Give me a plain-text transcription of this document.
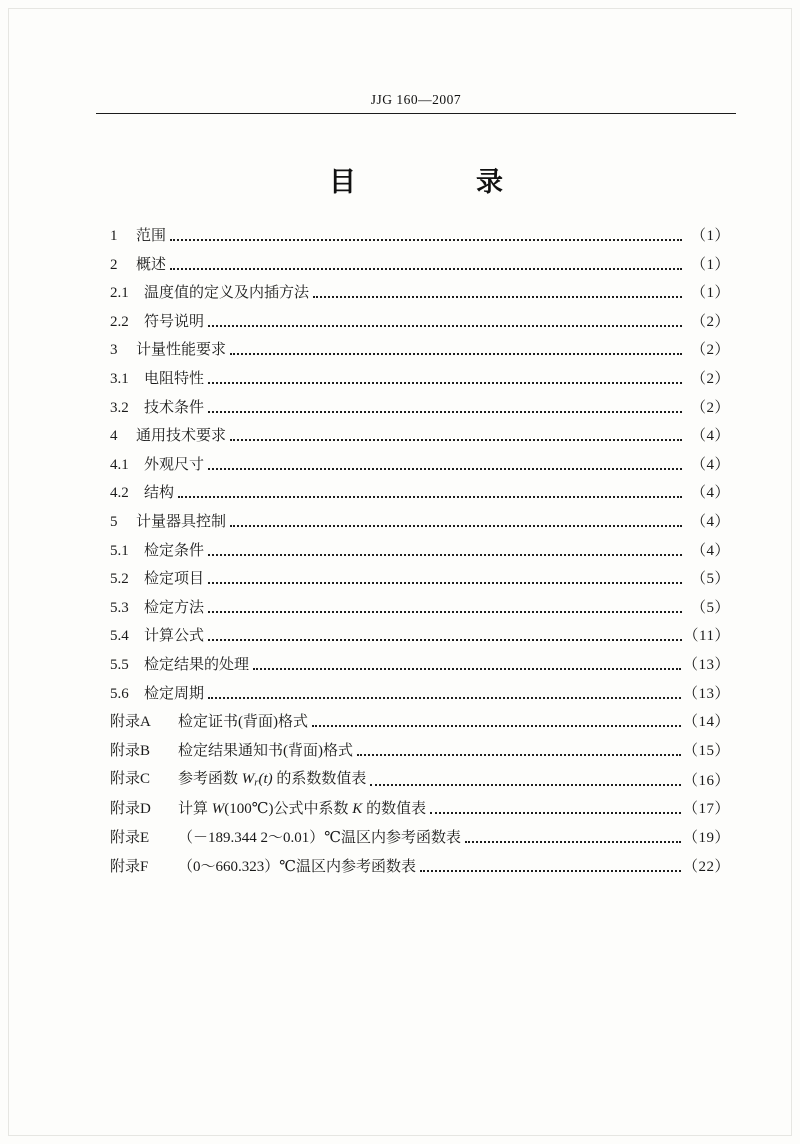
JJG 160—2007
目　　录
1 范围	（1）
2 概述	（1）
2.1 温度值的定义及内插方法	（1）
2.2 符号说明	（2）
3 计量性能要求	（2）
3.1 电阻特性	（2）
3.2 技术条件	（2）
4 通用技术要求	（4）
4.1 外观尺寸	（4）
4.2 结构	（4）
5 计量器具控制	（4）
5.1 检定条件	（4）
5.2 检定项目	（5）
5.3 检定方法	（5）
5.4 计算公式	（11）
5.5 检定结果的处理	（13）
5.6 检定周期	（13）
附录A 检定证书(背面)格式	（14）
附录B 检定结果通知书(背面)格式	（15）
附录C 参考函数 $W_r(t)$ 的系数数值表	（16）
附录D 计算 W(100℃)公式中系数 K 的数值表	（17）
附录E （－189.344 2～0.01）℃温区内参考函数表	（19）
附录F （0～660.323）℃温区内参考函数表	（22）
